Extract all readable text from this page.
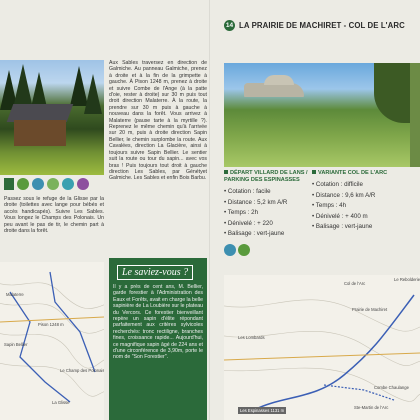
Passez sous le refuge de la Glisse par la droite (toilettes avec lange pour bébés et accès handicapés). Suivre Les Sables. Vous longez le Champs des Polonais. Un peu avant le pas de tir, le chemin part à droite dans la forêt.
Aux Sables traversez en direction de Galmiche. Au panneau Galmiche, prenez à droite et à la fin de la grimpette à gauche. À Pison 1248 m, prenez à droite et suivre Combe de l'Ange (à la patte d'oie, rester à droite) sur 30 m puis tout droit direction Malaterre. À la route, la prendre sur 30 m puis à gauche à nouveau dans la forêt. Vous arrivez à Malaterre (pause tarte à la myrtille ?). Reprenez le même chemin qu'à l'arrivée sur 20 m, puis à droite direction Sapin Bellier, le chemin surplombe la route. Aux Cavalées, direction La Glacière, ainsi à toujours suivre Sapin Bellier. Le sentier suit la route ou tour du sapin... avec vos bras ! Puis toujours tout droit à gauche direction Les Sables, par Génétyet Galmiche. Les Sables et enfin Bois Barbu.
Le Champ des Polonais
Sapin Bellier
Malaterre
La Glisse
Pison 1248 m
Le saviez-vous ?
Il y a près de cent ans, M. Bellier, garde forestier à l'Administration des Eaux et Forêts, avait en charge la belle sapinière de La Loubière sur le plateau du Vercors. Ce forestier bienveillant repère un sapin d'élite répondant parfaitement aux critères sylvicoles recherchés: tronc rectiligne, branches fines, croissance rapide... Aujourd'hui, ce magnifique sapin âgé de 224 ans et d'une circonférence de 3,90m, porte le nom de "Son Forestier".
14 LA PRAIRIE DE MACHIRET - COL DE L'ARC
DÉPART VILLARD DE LANS / PARKING DES ESPINASSES
• Cotation : facile
• Distance : 5,2 km A/R
• Temps : 2h
• Dénivelé : + 220
• Balisage : vert-jaune
VARIANTE COL DE L'ARC
• Cotation : difficile
• Distance : 9,6 km A/R
• Temps : 4h
• Dénivelé : + 400 m
• Balisage : vert-jaune
Les Espinasses 1131 m
Col de l'Arc
Le Rebolderie
Prairie de Machiret
Les Lombards
Combe Chaulange
Ste-Martin de l'Arc
